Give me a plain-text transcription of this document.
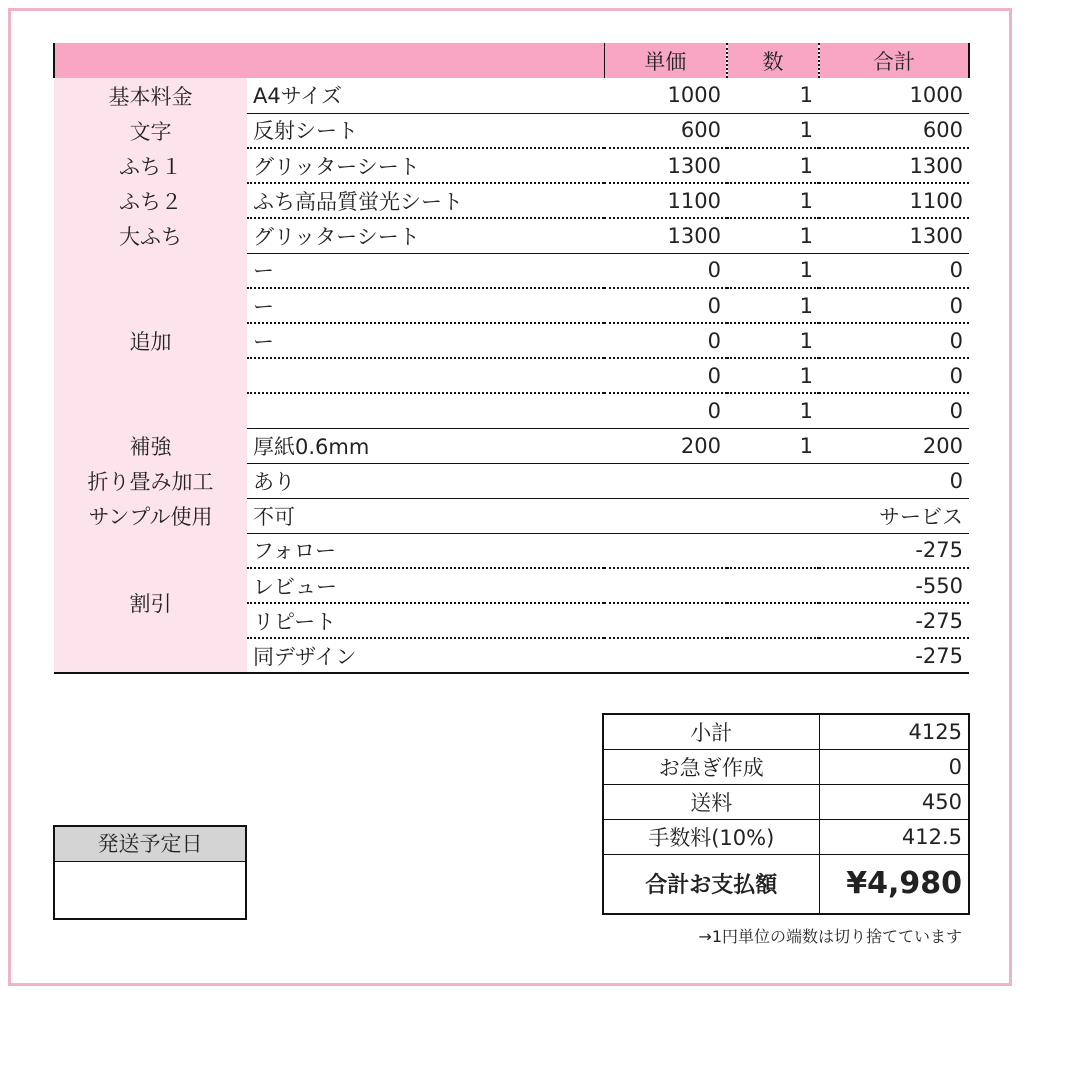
		単価	数	合計
基本料金	A4サイズ	1000	1	1000
文字	反射シート	600	1	600
ふち１	グリッターシート	1300	1	1300
ふち２	ふち高品質蛍光シート	1100	1	1100
大ふち	グリッターシート	1300	1	1300
追加	ー	0	1	0
	ー	0	1	0
	ー	0	1	0
		0	1	0
		0	1	0
補強	厚紙0.6mm	200	1	200
折り畳み加工	あり			0
サンプル使用	不可			サービス
割引	フォロー			-275
	レビュー			-550
	リピート			-275
	同デザイン			-275
小計	4125
お急ぎ作成	0
送料	450
手数料(10%)	412.5
合計お支払額	¥4,980
→1円単位の端数は切り捨てています
発送予定日
